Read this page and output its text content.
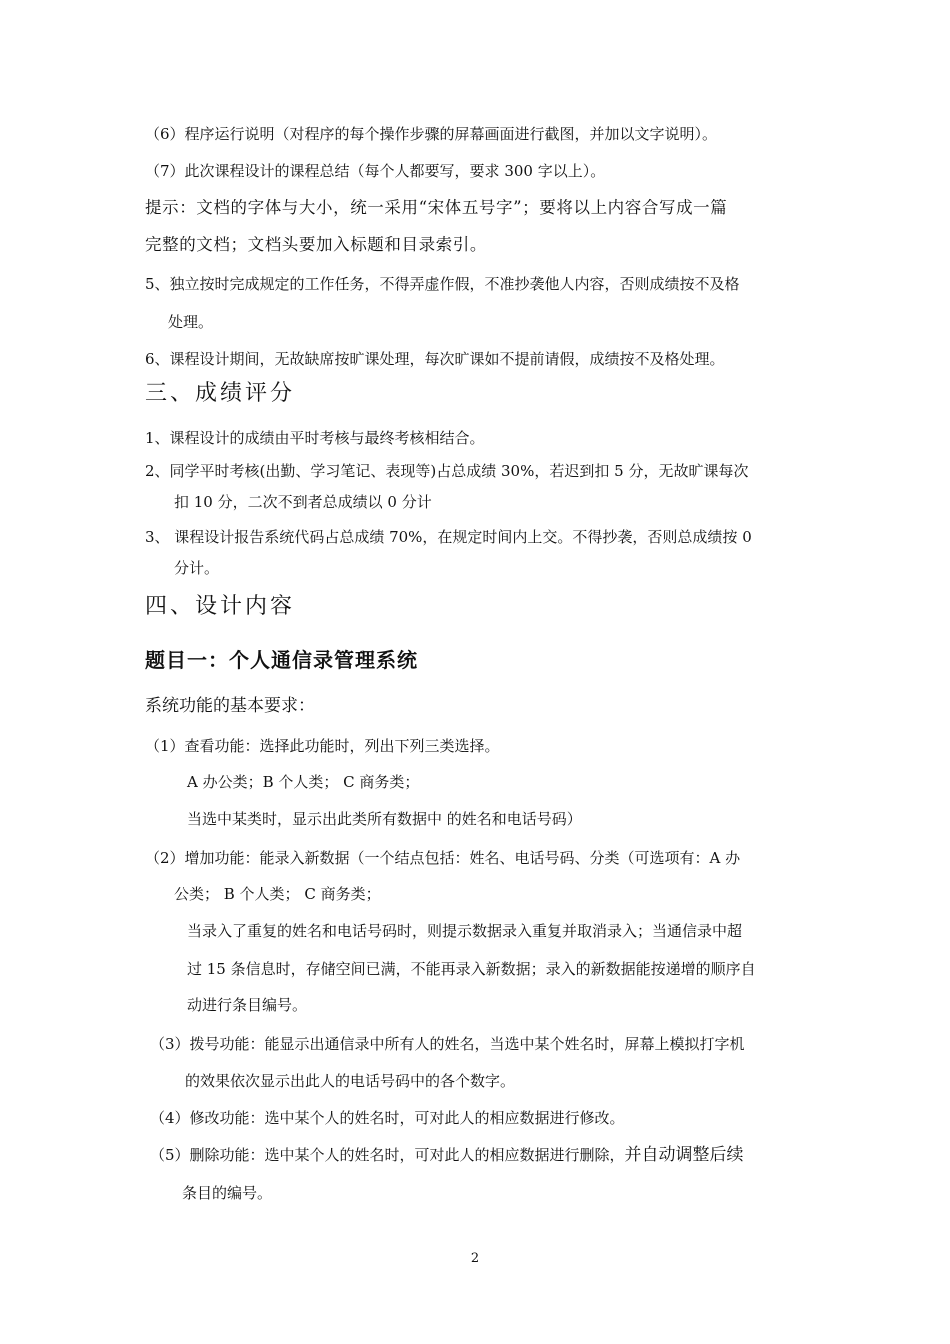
（6）程序运行说明（对程序的每个操作步骤的屏幕画面进行截图，并加以文字说明）。
（7）此次课程设计的课程总结（每个人都要写，要求 300 字以上）。
提示：文档的字体与大小，统一采用“宋体五号字”；要将以上内容合写成一篇
完整的文档；文档头要加入标题和目录索引。
5、独立按时完成规定的工作任务，不得弄虚作假，不准抄袭他人内容，否则成绩按不及格
处理。
6、课程设计期间，无故缺席按旷课处理，每次旷课如不提前请假，成绩按不及格处理。
三、成绩评分
1、课程设计的成绩由平时考核与最终考核相结合。
2、同学平时考核(出勤、学习笔记、表现等)占总成绩 30%，若迟到扣 5 分，无故旷课每次
扣 10 分，二次不到者总成绩以 0 分计
3、 课程设计报告系统代码占总成绩 70%，在规定时间内上交。不得抄袭，否则总成绩按 0
分计。
四、设计内容
题目一：个人通信录管理系统
系统功能的基本要求：
（1）查看功能：选择此功能时，列出下列三类选择。
A 办公类；B 个人类； C 商务类；
当选中某类时，显示出此类所有数据中 的姓名和电话号码）
（2）增加功能：能录入新数据（一个结点包括：姓名、电话号码、分类（可选项有：A 办
公类； B 个人类； C 商务类；
当录入了重复的姓名和电话号码时，则提示数据录入重复并取消录入；当通信录中超
过 15 条信息时，存储空间已满，不能再录入新数据；录入的新数据能按递增的顺序自
动进行条目编号。
（3）拨号功能：能显示出通信录中所有人的姓名，当选中某个姓名时，屏幕上模拟打字机
的效果依次显示出此人的电话号码中的各个数字。
（4）修改功能：选中某个人的姓名时，可对此人的相应数据进行修改。
（5）删除功能：选中某个人的姓名时，可对此人的相应数据进行删除，并自动调整后续
条目的编号。
2
